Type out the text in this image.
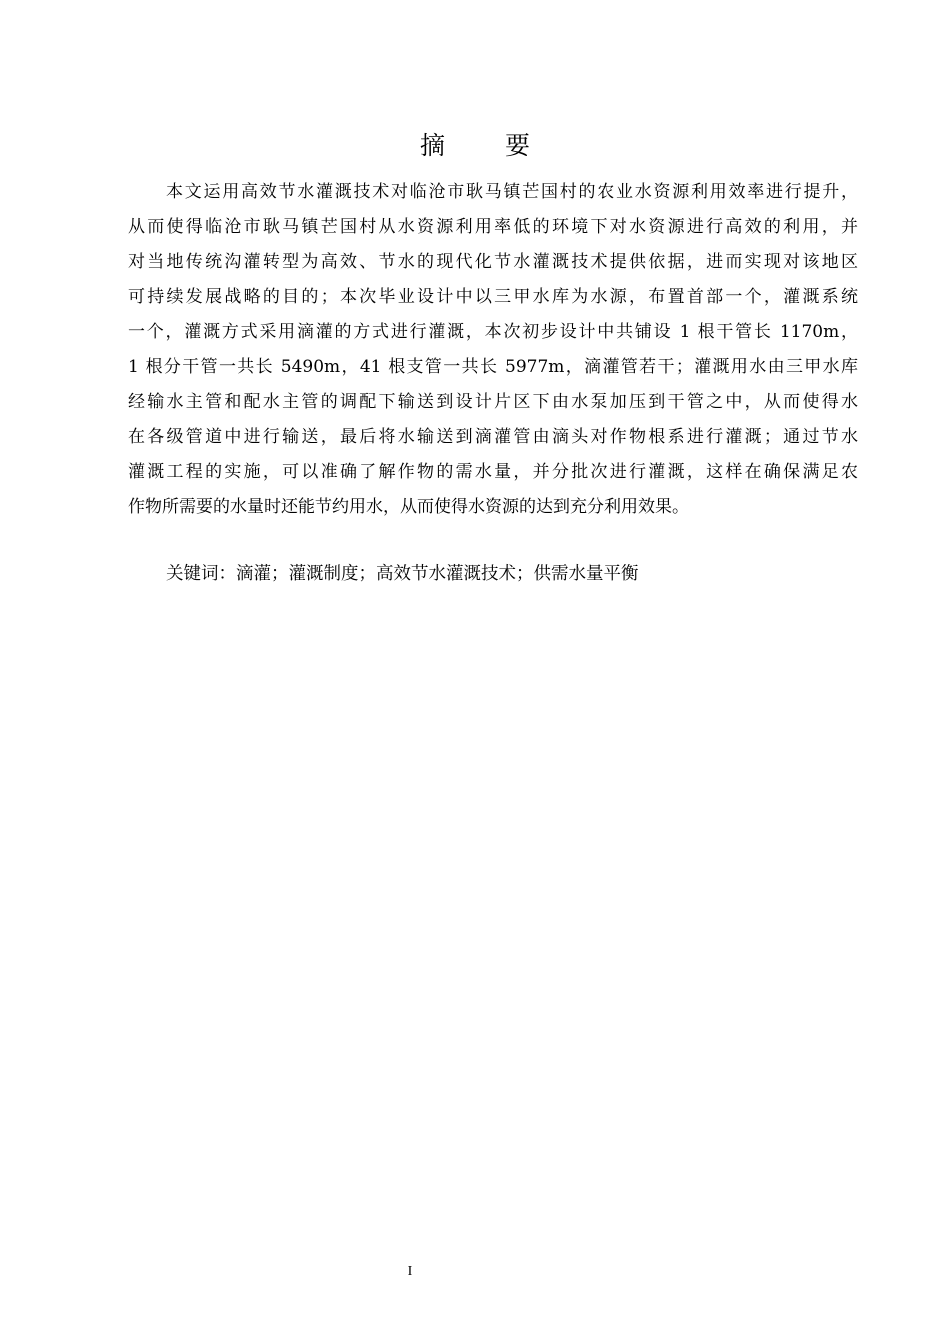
摘 要
本文运用高效节水灌溉技术对临沧市耿马镇芒国村的农业水资源利用效率进行提升，
从而使得临沧市耿马镇芒国村从水资源利用率低的环境下对水资源进行高效的利用，并
对当地传统沟灌转型为高效、节水的现代化节水灌溉技术提供依据，进而实现对该地区
可持续发展战略的目的；本次毕业设计中以三甲水库为水源，布置首部一个，灌溉系统
一个，灌溉方式采用滴灌的方式进行灌溉，本次初步设计中共铺设 1 根干管长 1170m，
1 根分干管一共长 5490m，41 根支管一共长 5977m，滴灌管若干；灌溉用水由三甲水库
经输水主管和配水主管的调配下输送到设计片区下由水泵加压到干管之中，从而使得水
在各级管道中进行输送，最后将水输送到滴灌管由滴头对作物根系进行灌溉；通过节水
灌溉工程的实施，可以准确了解作物的需水量，并分批次进行灌溉，这样在确保满足农
作物所需要的水量时还能节约用水，从而使得水资源的达到充分利用效果。
关键词：滴灌；灌溉制度；高效节水灌溉技术；供需水量平衡
I
